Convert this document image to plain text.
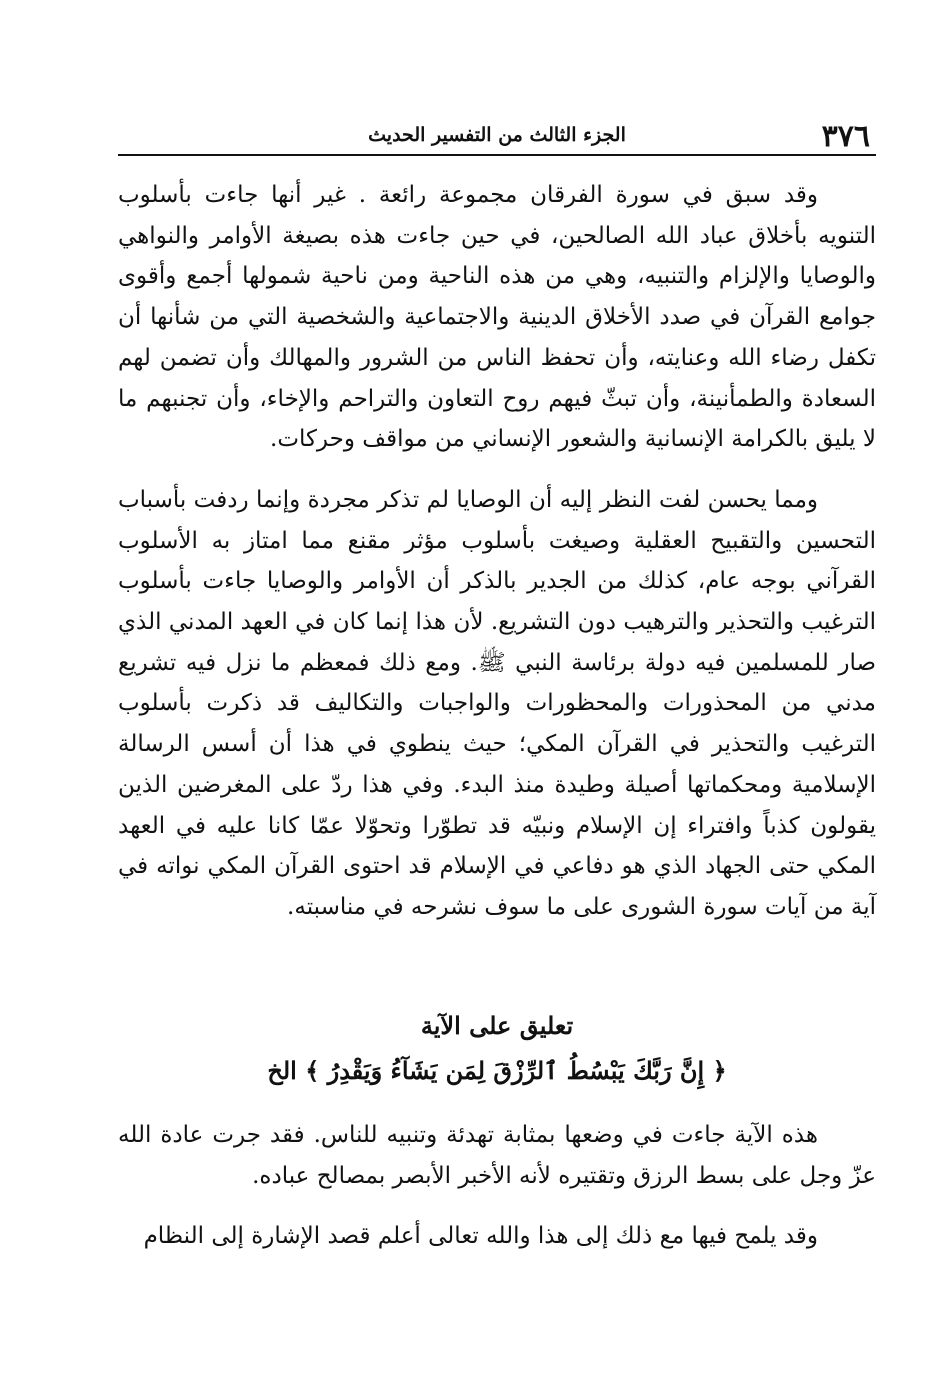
٣٧٦
الجزء الثالث من التفسير الحديث

وقد سبق في سورة الفرقان مجموعة رائعة . غير أنها جاءت بأسلوب التنويه بأخلاق عباد الله الصالحين، في حين جاءت هذه بصيغة الأوامر والنواهي والوصايا والإلزام والتنبيه، وهي من هذه الناحية ومن ناحية شمولها أجمع وأقوى جوامع القرآن في صدد الأخلاق الدينية والاجتماعية والشخصية التي من شأنها أن تكفل رضاء الله وعنايته، وأن تحفظ الناس من الشرور والمهالك وأن تضمن لهم السعادة والطمأنينة، وأن تبثّ فيهم روح التعاون والتراحم والإخاء، وأن تجنبهم ما لا يليق بالكرامة الإنسانية والشعور الإنساني من مواقف وحركات.

ومما يحسن لفت النظر إليه أن الوصايا لم تذكر مجردة وإنما ردفت بأسباب التحسين والتقبيح العقلية وصيغت بأسلوب مؤثر مقنع مما امتاز به الأسلوب القرآني بوجه عام، كذلك من الجدير بالذكر أن الأوامر والوصايا جاءت بأسلوب الترغيب والتحذير والترهيب دون التشريع. لأن هذا إنما كان في العهد المدني الذي صار للمسلمين فيه دولة برئاسة النبي ﷺ. ومع ذلك فمعظم ما نزل فيه تشريع مدني من المحذورات والمحظورات والواجبات والتكاليف قد ذكرت بأسلوب الترغيب والتحذير في القرآن المكي؛ حيث ينطوي في هذا أن أسس الرسالة الإسلامية ومحكماتها أصيلة وطيدة منذ البدء. وفي هذا ردّ على المغرضين الذين يقولون كذباً وافتراء إن الإسلام ونبيّه قد تطوّرا وتحوّلا عمّا كانا عليه في العهد المكي حتى الجهاد الذي هو دفاعي في الإسلام قد احتوى القرآن المكي نواته في آية من آيات سورة الشورى على ما سوف نشرحه في مناسبته.

تعليق على الآية
﴿ إِنَّ رَبَّكَ يَبْسُطُ ٱلرِّزْقَ لِمَن يَشَآءُ وَيَقْدِرُ ﴾ الخ

هذه الآية جاءت في وضعها بمثابة تهدئة وتنبيه للناس. فقد جرت عادة الله عزّ وجل على بسط الرزق وتقتيره لأنه الأخبر الأبصر بمصالح عباده.

وقد يلمح فيها مع ذلك إلى هذا والله تعالى أعلم قصد الإشارة إلى النظام
